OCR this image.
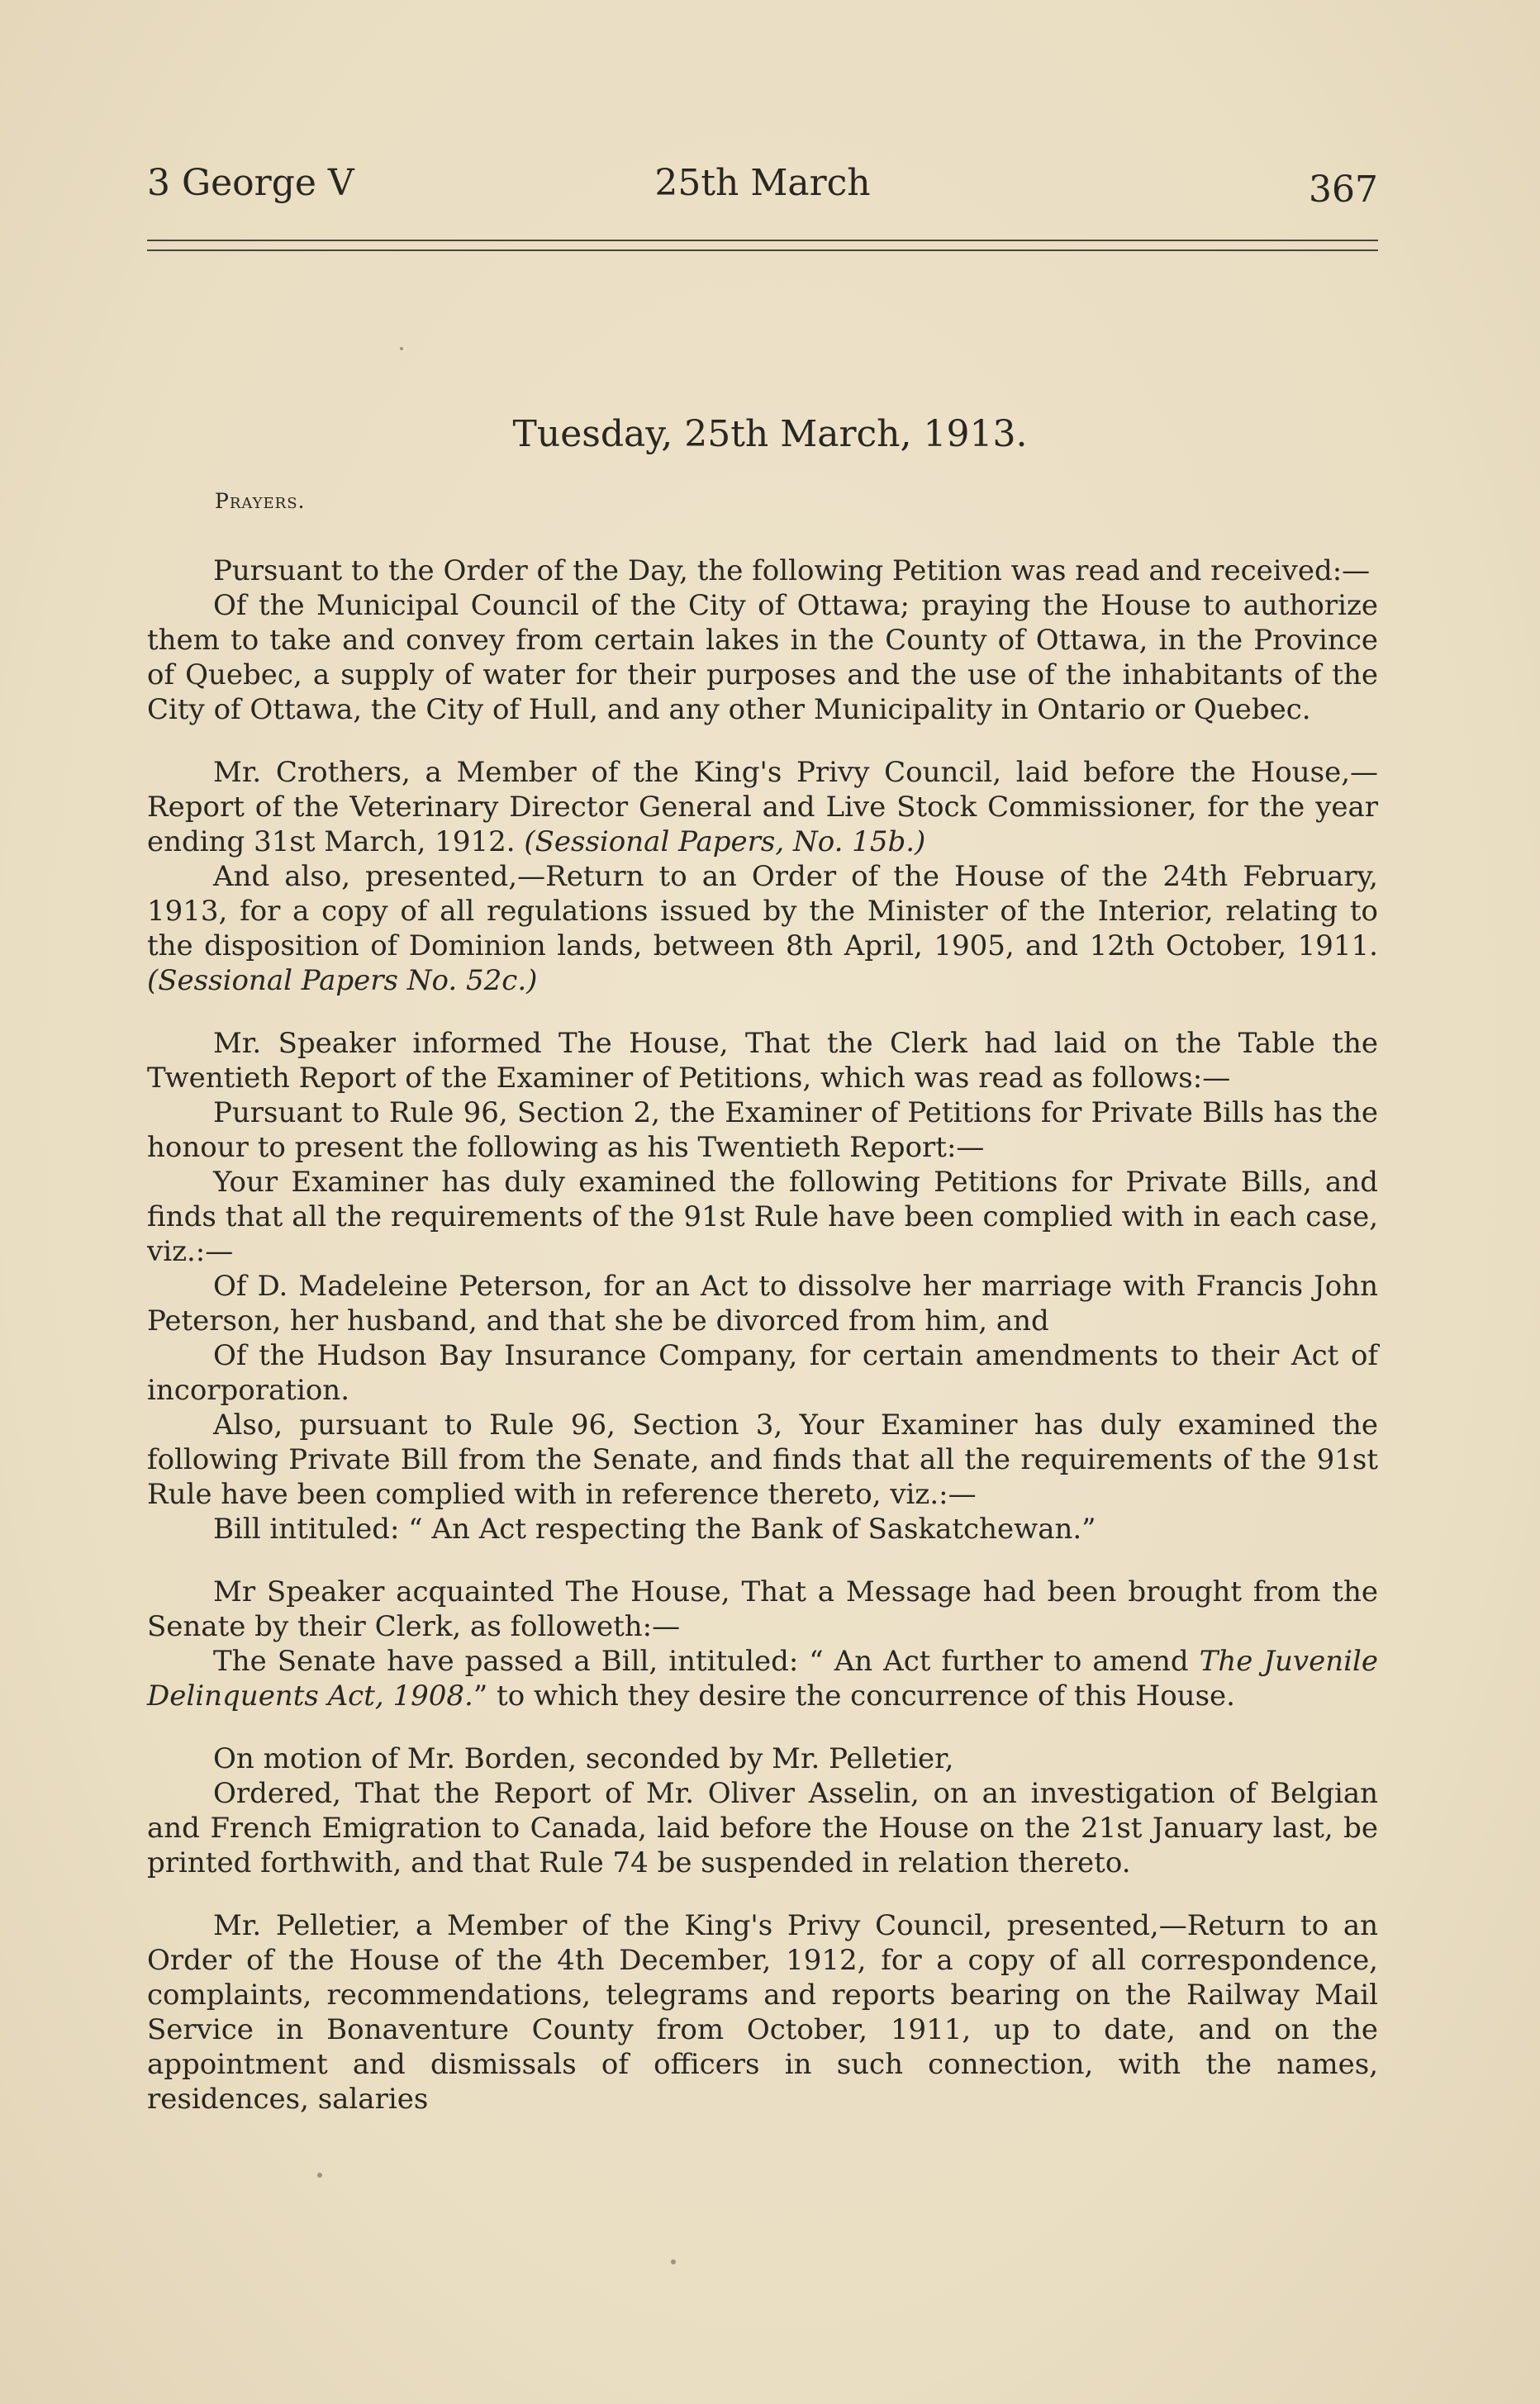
3 George V	25th March	367
Tuesday, 25th March, 1913.
Prayers.

Pursuant to the Order of the Day, the following Petition was read and received:—

Of the Municipal Council of the City of Ottawa; praying the House to authorize them to take and convey from certain lakes in the County of Ottawa, in the Province of Quebec, a supply of water for their purposes and the use of the inhabitants of the City of Ottawa, the City of Hull, and any other Municipality in Ontario or Quebec.

Mr. Crothers, a Member of the King's Privy Council, laid before the House,— Report of the Veterinary Director General and Live Stock Commissioner, for the year ending 31st March, 1912. (Sessional Papers, No. 15b.)

And also, presented,—Return to an Order of the House of the 24th February, 1913, for a copy of all regulations issued by the Minister of the Interior, relating to the disposition of Dominion lands, between 8th April, 1905, and 12th October, 1911. (Sessional Papers No. 52c.)

Mr. Speaker informed The House, That the Clerk had laid on the Table the Twentieth Report of the Examiner of Petitions, which was read as follows:—

Pursuant to Rule 96, Section 2, the Examiner of Petitions for Private Bills has the honour to present the following as his Twentieth Report:—

Your Examiner has duly examined the following Petitions for Private Bills, and finds that all the requirements of the 91st Rule have been complied with in each case, viz.:—

Of D. Madeleine Peterson, for an Act to dissolve her marriage with Francis John Peterson, her husband, and that she be divorced from him, and

Of the Hudson Bay Insurance Company, for certain amendments to their Act of incorporation.

Also, pursuant to Rule 96, Section 3, Your Examiner has duly examined the following Private Bill from the Senate, and finds that all the requirements of the 91st Rule have been complied with in reference thereto, viz.:—

Bill intituled: “ An Act respecting the Bank of Saskatchewan.”

Mr Speaker acquainted The House, That a Message had been brought from the Senate by their Clerk, as followeth:—

The Senate have passed a Bill, intituled: “ An Act further to amend The Juvenile Delinquents Act, 1908.” to which they desire the concurrence of this House.

On motion of Mr. Borden, seconded by Mr. Pelletier,

Ordered, That the Report of Mr. Oliver Asselin, on an investigation of Belgian and French Emigration to Canada, laid before the House on the 21st January last, be printed forthwith, and that Rule 74 be suspended in relation thereto.

Mr. Pelletier, a Member of the King's Privy Council, presented,—Return to an Order of the House of the 4th December, 1912, for a copy of all correspondence, complaints, recommendations, telegrams and reports bearing on the Railway Mail Service in Bonaventure County from October, 1911, up to date, and on the appointment and dismissals of officers in such connection, with the names, residences, salaries
